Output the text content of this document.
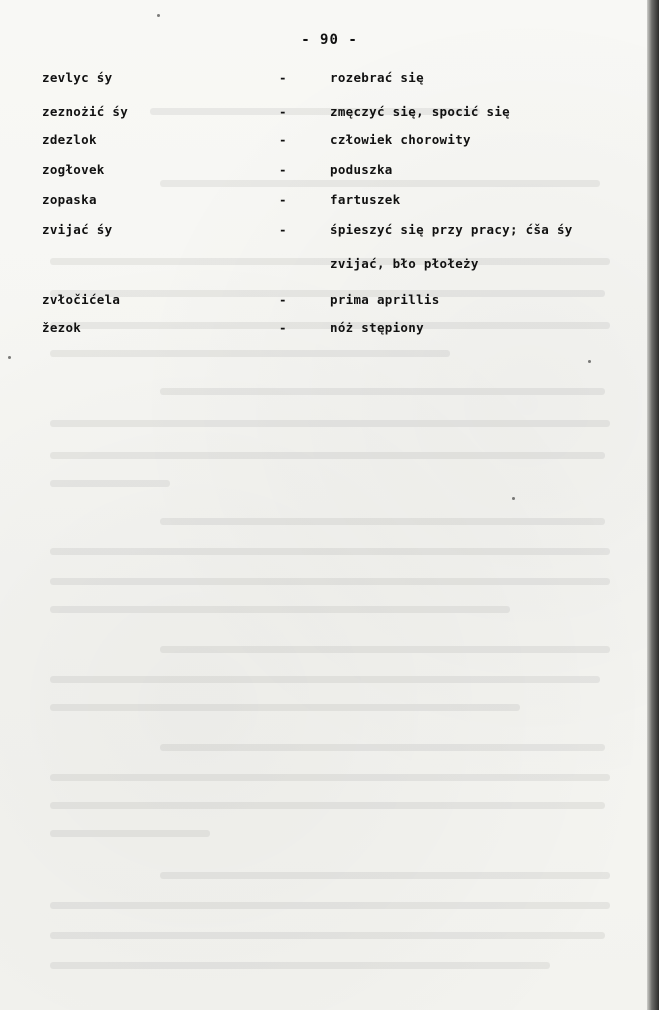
- 90 -
zevlyc śy	-	rozebrać się
zeznożić śy	-	zmęczyć się, spocić się
zdezlok	-	człowiek chorowity
zogłovek	-	poduszka
zopaska	-	fartuszek
zvijać śy	-	śpieszyć się przy pracy; ćša śy
zvijać, bło płołeży
zvłočićela	-	prima aprillis
žezok	-	nóż stępiony
